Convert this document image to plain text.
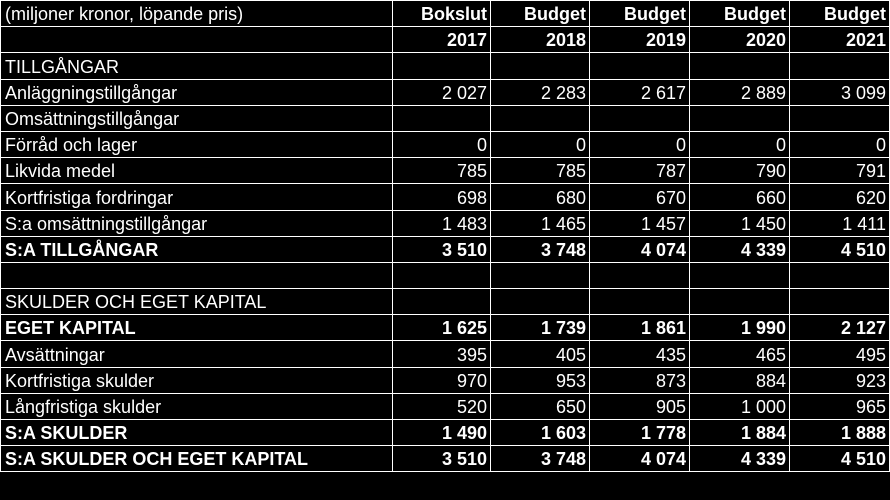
(miljoner kronor, löpande pris)	Bokslut	Budget	Budget	Budget	Budget
	2017	2018	2019	2020	2021
TILLGÅNGAR					
Anläggningstillgångar	2 027	2 283	2 617	2 889	3 099
Omsättningstillgångar					
Förråd och lager	0	0	0	0	0
Likvida medel	785	785	787	790	791
Kortfristiga fordringar	698	680	670	660	620
S:a omsättningstillgångar	1 483	1 465	1 457	1 450	1 411
S:A TILLGÅNGAR	3 510	3 748	4 074	4 339	4 510

SKULDER OCH EGET KAPITAL					
EGET KAPITAL	1 625	1 739	1 861	1 990	2 127
Avsättningar	395	405	435	465	495
Kortfristiga skulder	970	953	873	884	923
Långfristiga skulder	520	650	905	1 000	965
S:A SKULDER	1 490	1 603	1 778	1 884	1 888
S:A SKULDER OCH EGET KAPITAL	3 510	3 748	4 074	4 339	4 510
